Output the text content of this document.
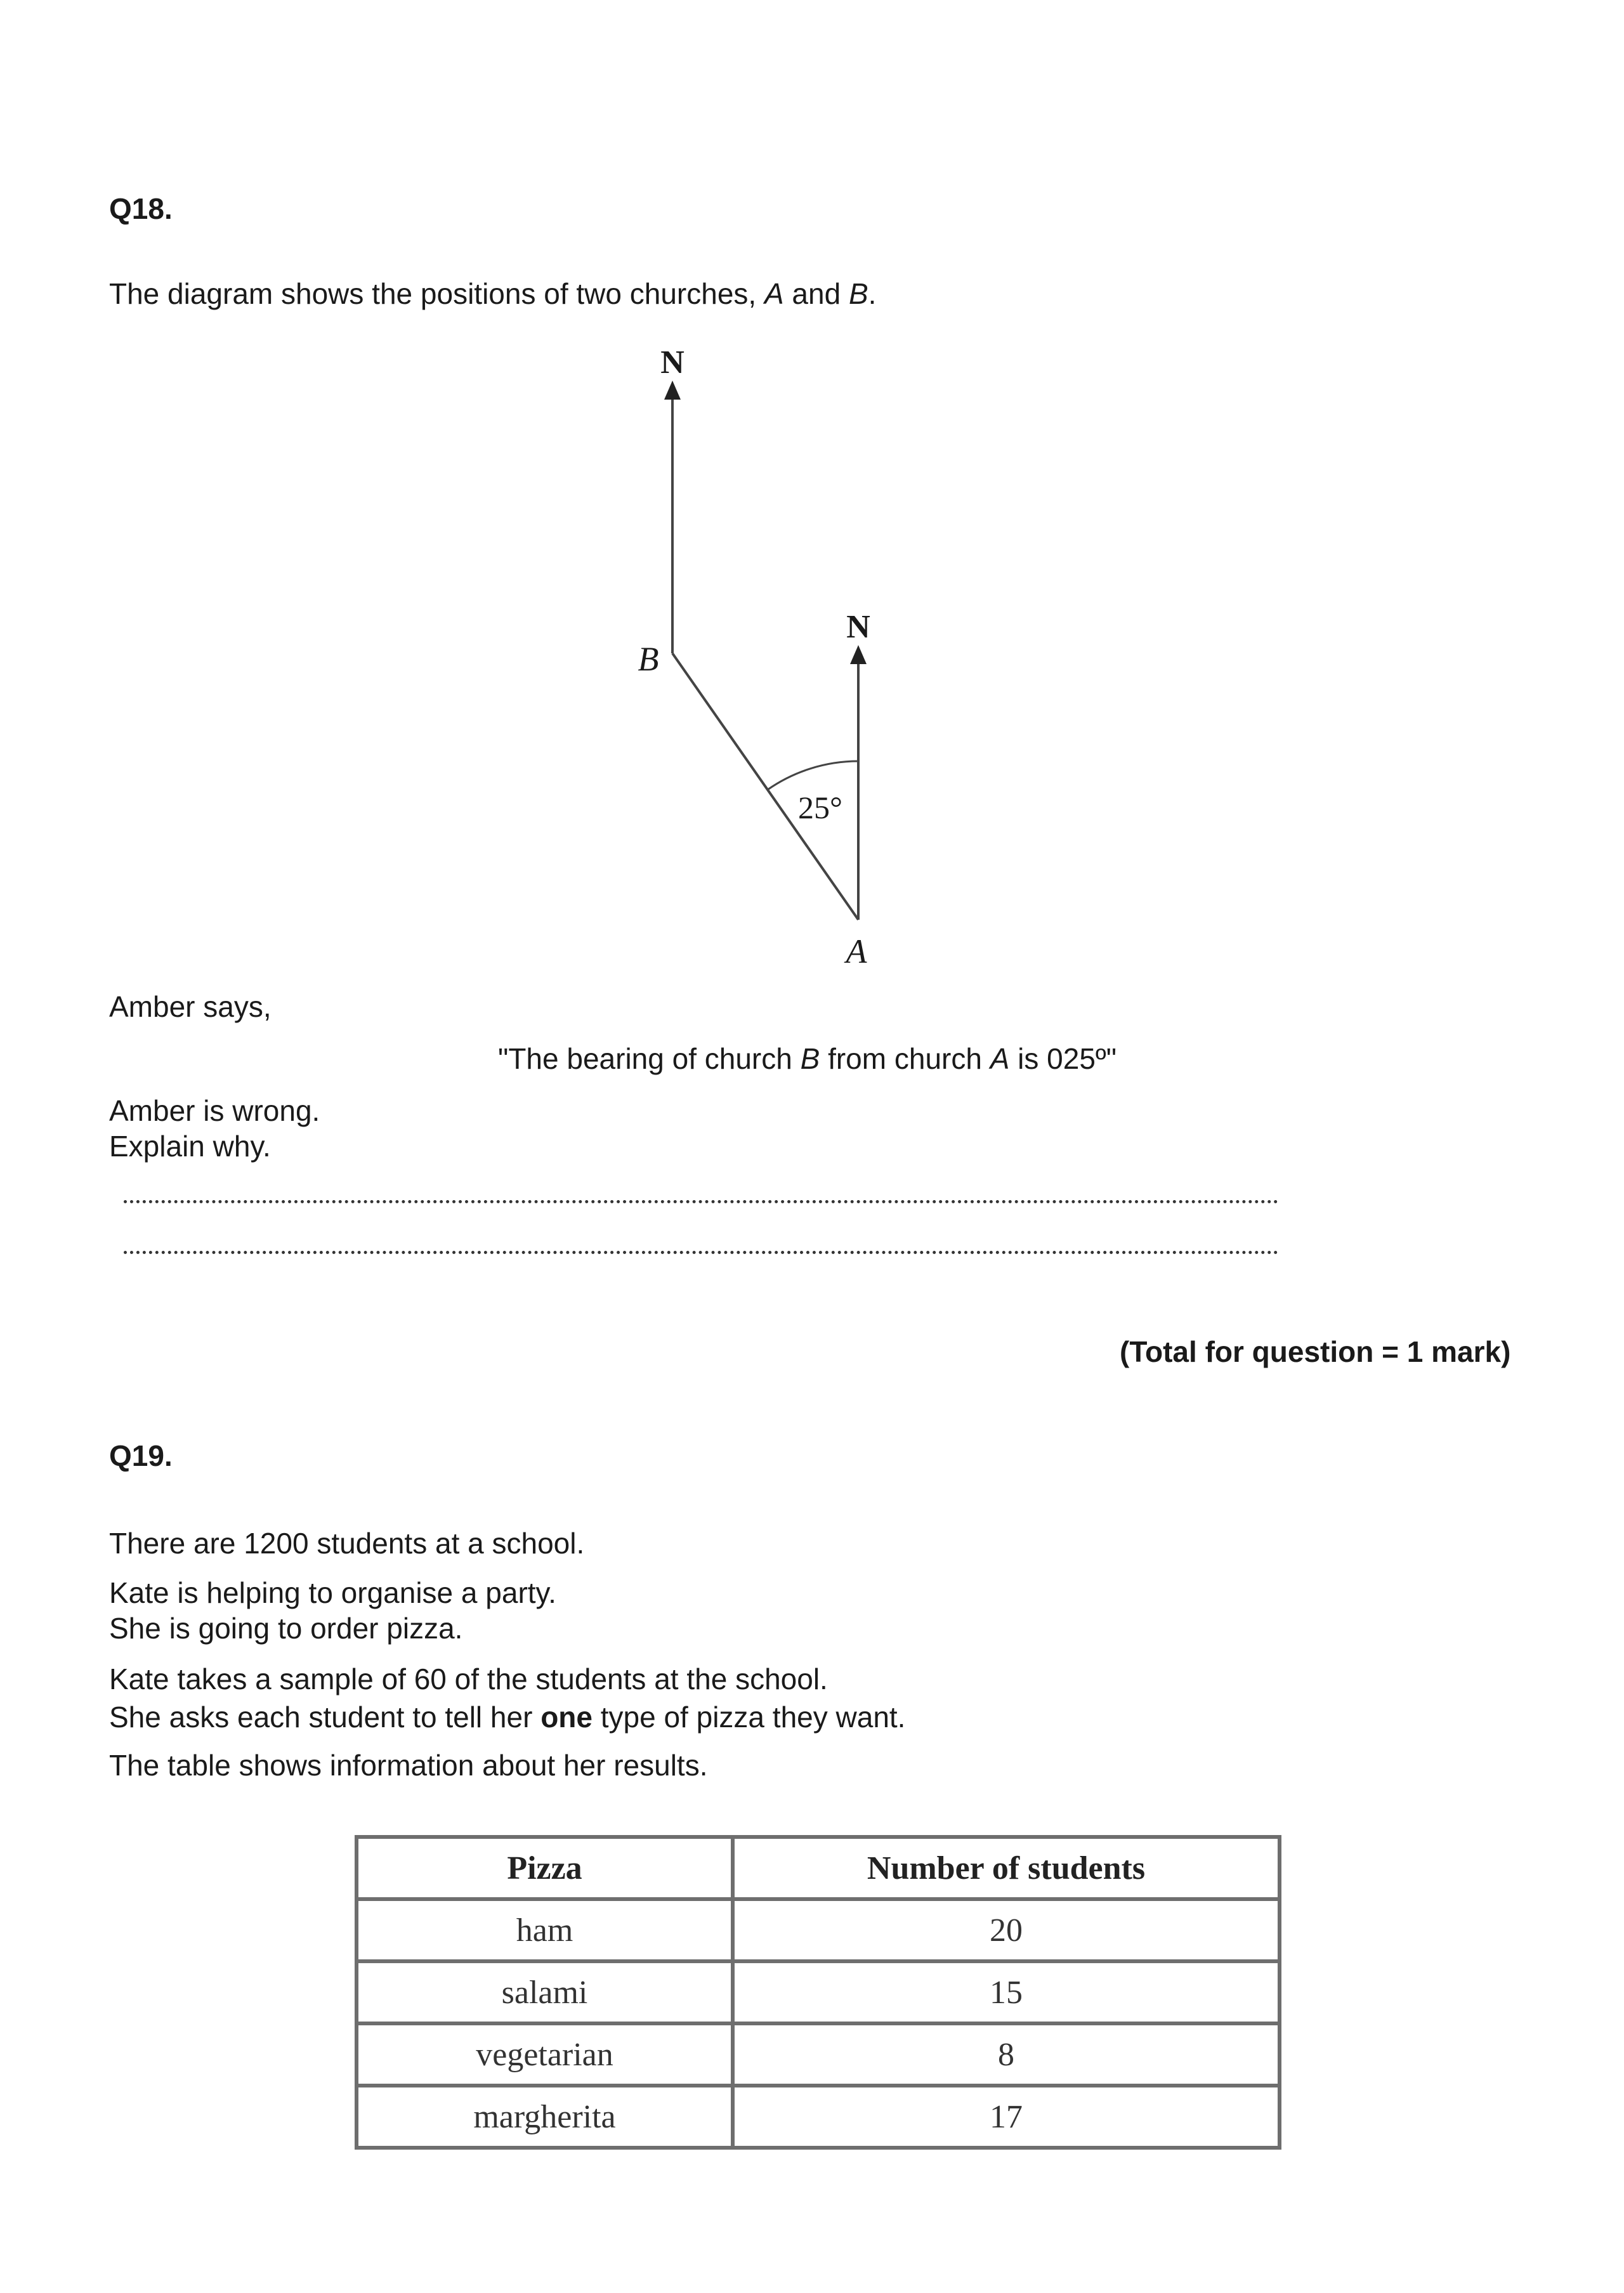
Q18.
The diagram shows the positions of two churches, A and B.
N
N
B
A
25°
Amber says,
"The bearing of church B from church A is 025º"
Amber is wrong.
Explain why.
(Total for question = 1 mark)
Q19.
There are 1200 students at a school.
Kate is helping to organise a party.
She is going to order pizza.
Kate takes a sample of 60 of the students at the school.
She asks each student to tell her one type of pizza they want.
The table shows information about her results.
Pizza	Number of students
ham	20
salami	15
vegetarian	8
margherita	17
